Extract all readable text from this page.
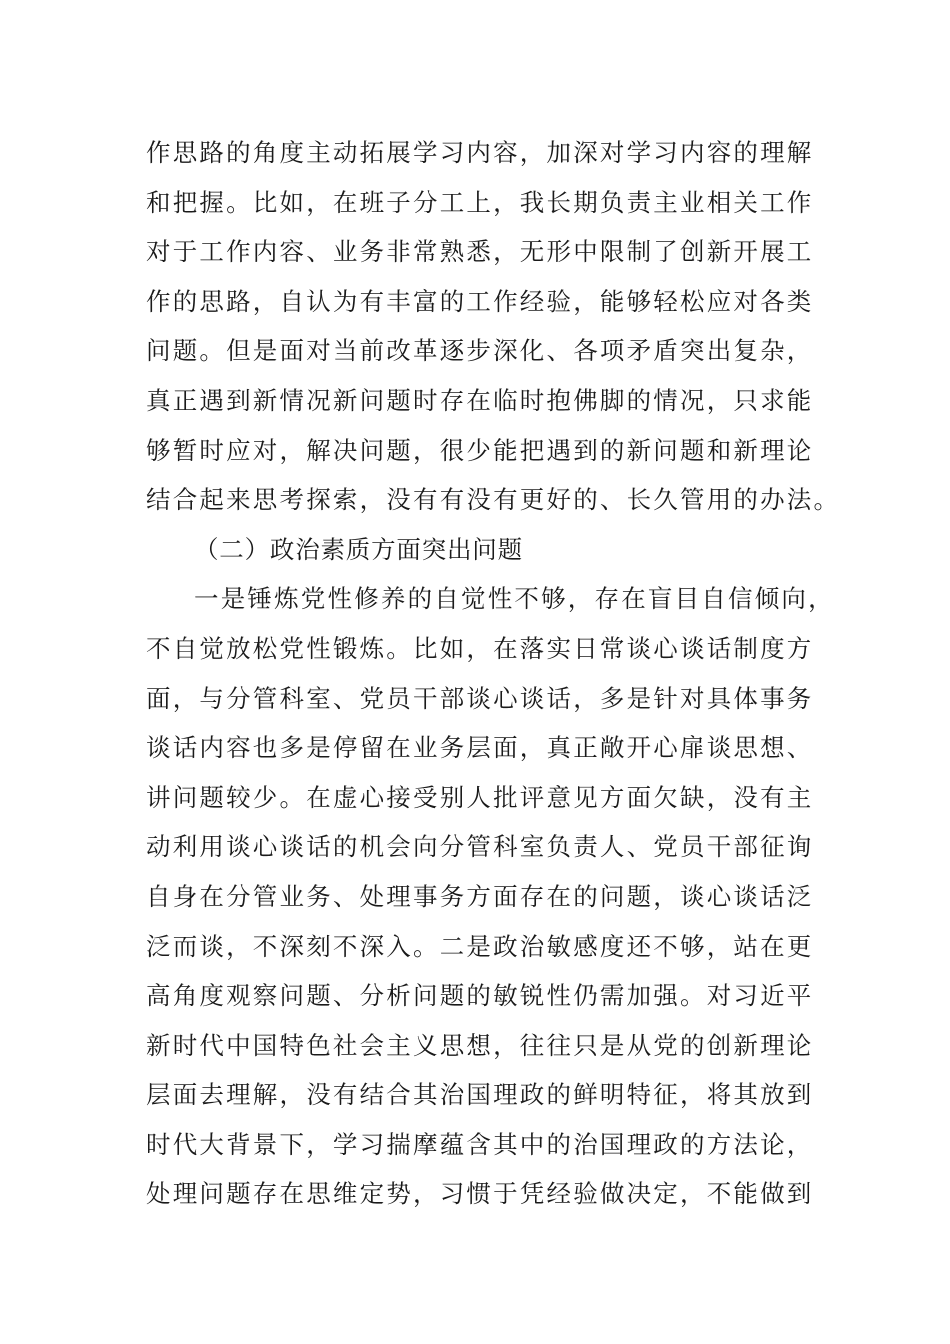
作思路的角度主动拓展学习内容，加深对学习内容的理解
和把握。比如，在班子分工上，我长期负责主业相关工作
对于工作内容、业务非常熟悉，无形中限制了创新开展工
作的思路，自认为有丰富的工作经验，能够轻松应对各类
问题。但是面对当前改革逐步深化、各项矛盾突出复杂，
真正遇到新情况新问题时存在临时抱佛脚的情况，只求能
够暂时应对，解决问题，很少能把遇到的新问题和新理论
结合起来思考探索，没有有没有更好的、长久管用的办法。
（二）政治素质方面突出问题
一是锤炼党性修养的自觉性不够，存在盲目自信倾向，
不自觉放松党性锻炼。比如，在落实日常谈心谈话制度方
面，与分管科室、党员干部谈心谈话，多是针对具体事务
谈话内容也多是停留在业务层面，真正敞开心扉谈思想、
讲问题较少。在虚心接受别人批评意见方面欠缺，没有主
动利用谈心谈话的机会向分管科室负责人、党员干部征询
自身在分管业务、处理事务方面存在的问题，谈心谈话泛
泛而谈，不深刻不深入。二是政治敏感度还不够，站在更
高角度观察问题、分析问题的敏锐性仍需加强。对习近平
新时代中国特色社会主义思想，往往只是从党的创新理论
层面去理解，没有结合其治国理政的鲜明特征，将其放到
时代大背景下，学习揣摩蕴含其中的治国理政的方法论，
处理问题存在思维定势，习惯于凭经验做决定，不能做到
